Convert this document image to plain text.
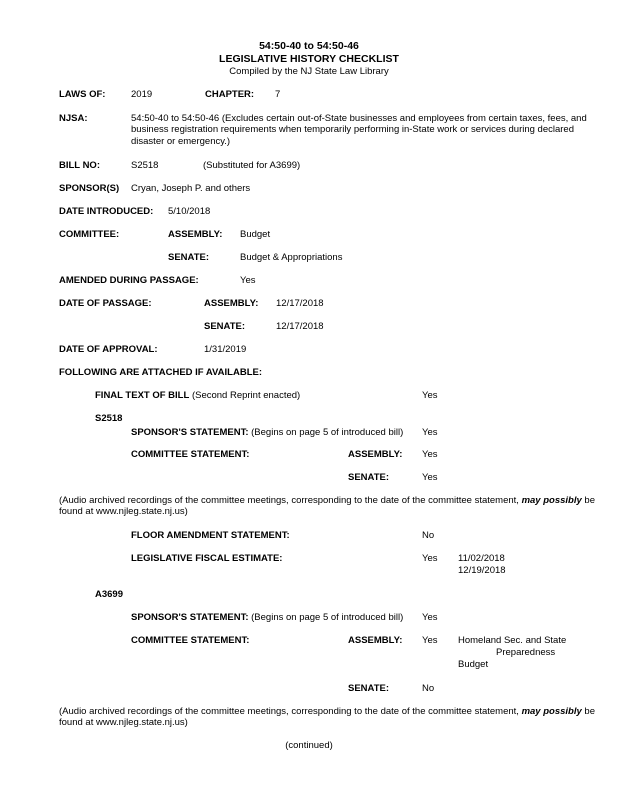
54:50-40 to 54:50-46
LEGISLATIVE HISTORY CHECKLIST
Compiled by the NJ State Law Library
LAWS OF:	2019	CHAPTER: 7
NJSA:	54:50-40 to 54:50-46 (Excludes certain out-of-State businesses and employees from certain taxes, fees, and business registration requirements when temporarily performing in-State work or services during declared disaster or emergency.)
BILL NO:	S2518	(Substituted for A3699)
SPONSOR(S) Cryan, Joseph P. and others
DATE INTRODUCED: 5/10/2018
COMMITTEE:	ASSEMBLY: Budget
SENATE:	Budget & Appropriations
AMENDED DURING PASSAGE:	Yes
DATE OF PASSAGE:	ASSEMBLY: 12/17/2018
SENATE:	12/17/2018
DATE OF APPROVAL:	1/31/2019
FOLLOWING ARE ATTACHED IF AVAILABLE:
FINAL TEXT OF BILL (Second Reprint enacted)	Yes
S2518
SPONSOR'S STATEMENT: (Begins on page 5 of introduced bill) Yes
COMMITTEE STATEMENT:	ASSEMBLY: Yes
SENATE:	Yes
(Audio archived recordings of the committee meetings, corresponding to the date of the committee statement, may possibly be found at www.njleg.state.nj.us)
FLOOR AMENDMENT STATEMENT:	No
LEGISLATIVE FISCAL ESTIMATE:	Yes 11/02/2018
12/19/2018
A3699
SPONSOR'S STATEMENT: (Begins on page 5 of introduced bill) Yes
COMMITTEE STATEMENT:	ASSEMBLY: Yes Homeland Sec. and State
Preparedness
Budget
SENATE:	No
(Audio archived recordings of the committee meetings, corresponding to the date of the committee statement, may possibly be found at www.njleg.state.nj.us)
(continued)
